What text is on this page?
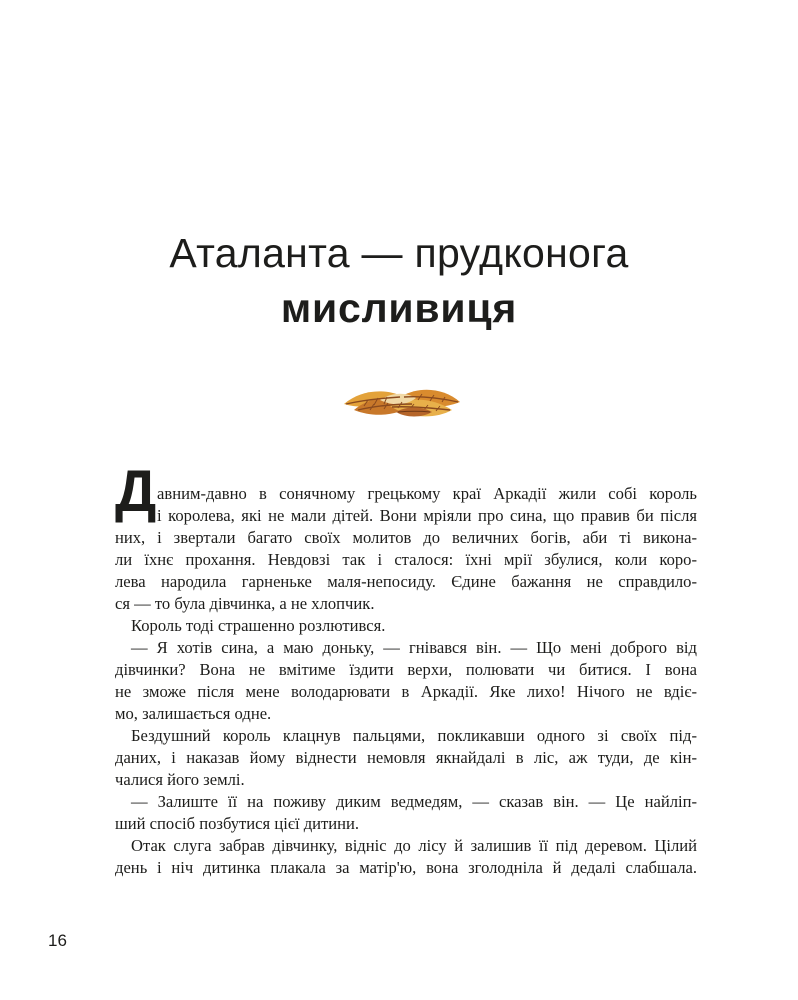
Аталанта — прудконога
мисливиця
Д авним-давно в сонячному грецькому краї Аркадії жили собі король
і королева, які не мали дітей. Вони мріяли про сина, що правив би після
них, і звертали багато своїх молитов до величних богів, аби ті викона-
ли їхнє прохання. Невдовзі так і сталося: їхні мрії збулися, коли коро-
лева народила гарненьке маля-непосиду. Єдине бажання не справдило-
ся — то була дівчинка, а не хлопчик.
Король тоді страшенно розлютився.
— Я хотів сина, а маю доньку, — гнівався він. — Що мені доброго від
дівчинки? Вона не вмітиме їздити верхи, полювати чи битися. І вона
не зможе після мене володарювати в Аркадії. Яке лихо! Нічого не вдіє-
мо, залишається одне.
Бездушний король клацнув пальцями, покликавши одного зі своїх під-
даних, і наказав йому віднести немовля якнайдалі в ліс, аж туди, де кін-
чалися його землі.
— Залиште її на поживу диким ведмедям, — сказав він. — Це найліп-
ший спосіб позбутися цієї дитини.
Отак слуга забрав дівчинку, відніс до лісу й залишив її під деревом. Цілий
день і ніч дитинка плакала за матір'ю, вона зголодніла й дедалі слабшала.
16
